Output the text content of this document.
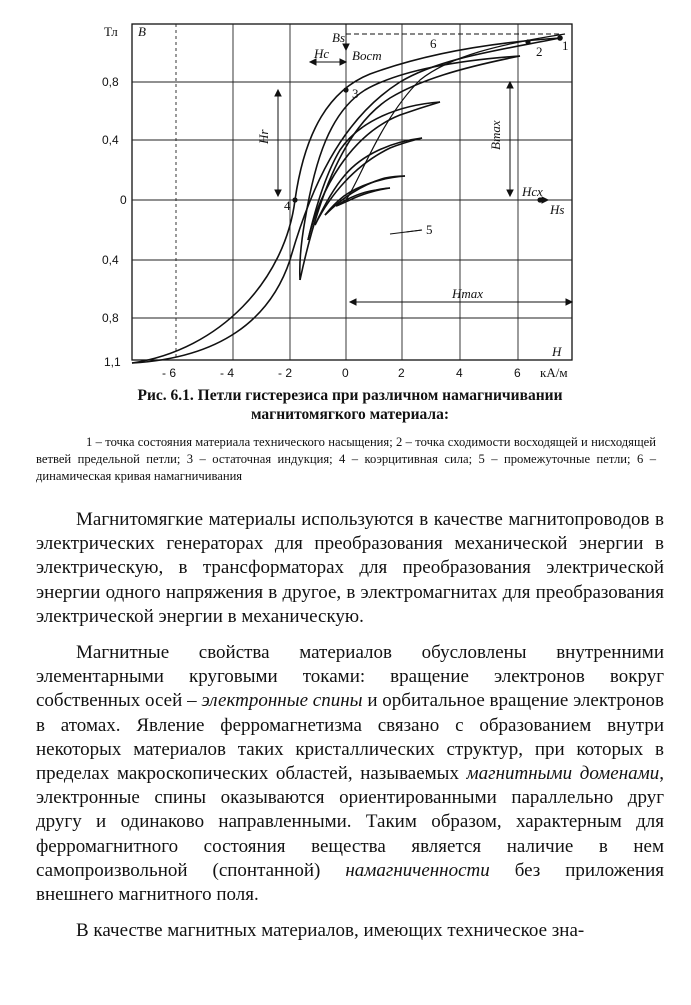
0,8
0,4
0
0,4
0,8
1,1
Тл B
- 6	- 4	- 2	0	2	4	6 кА/м
Bs
Bост
Hc
Hr	Bmax
Hсх
Hs
Hmax
H
1
2
3
4
5
6
Рис. 6.1. Петли гистерезиса при различном намагничивании
магнитомягкого материала:
1 – точка состояния материала технического насыщения; 2 – точка сходимости восходящей и нисходящей ветвей предельной петли; 3 – остаточная индукция; 4 – коэрцитивная сила; 5 – промежуточные петли; 6 – динамическая кривая намагничивания

Магнитомягкие материалы используются в качестве магнитопроводов в электрических генераторах для преобразования механической энергии в электрическую, в трансформаторах для преобразования электрической энергии одного напряжения в другое, в электромагнитах для преобразования электрической энергии в механическую.

Магнитные свойства материалов обусловлены внутренними элементарными круговыми токами: вращение электронов вокруг собственных осей – электронные спины и орбитальное вращение электронов в атомах. Явление ферромагнетизма связано с образованием внутри некоторых материалов таких кристаллических структур, при которых в пределах макроскопических областей, называемых магнитными доменами, электронные спины оказываются ориентированными параллельно друг другу и одинаково направленными. Таким образом, характерным для ферромагнитного состояния вещества является наличие в нем самопроизвольной (спонтанной) намагниченности без приложения внешнего магнитного поля.

В качестве магнитных материалов, имеющих техническое зна-
